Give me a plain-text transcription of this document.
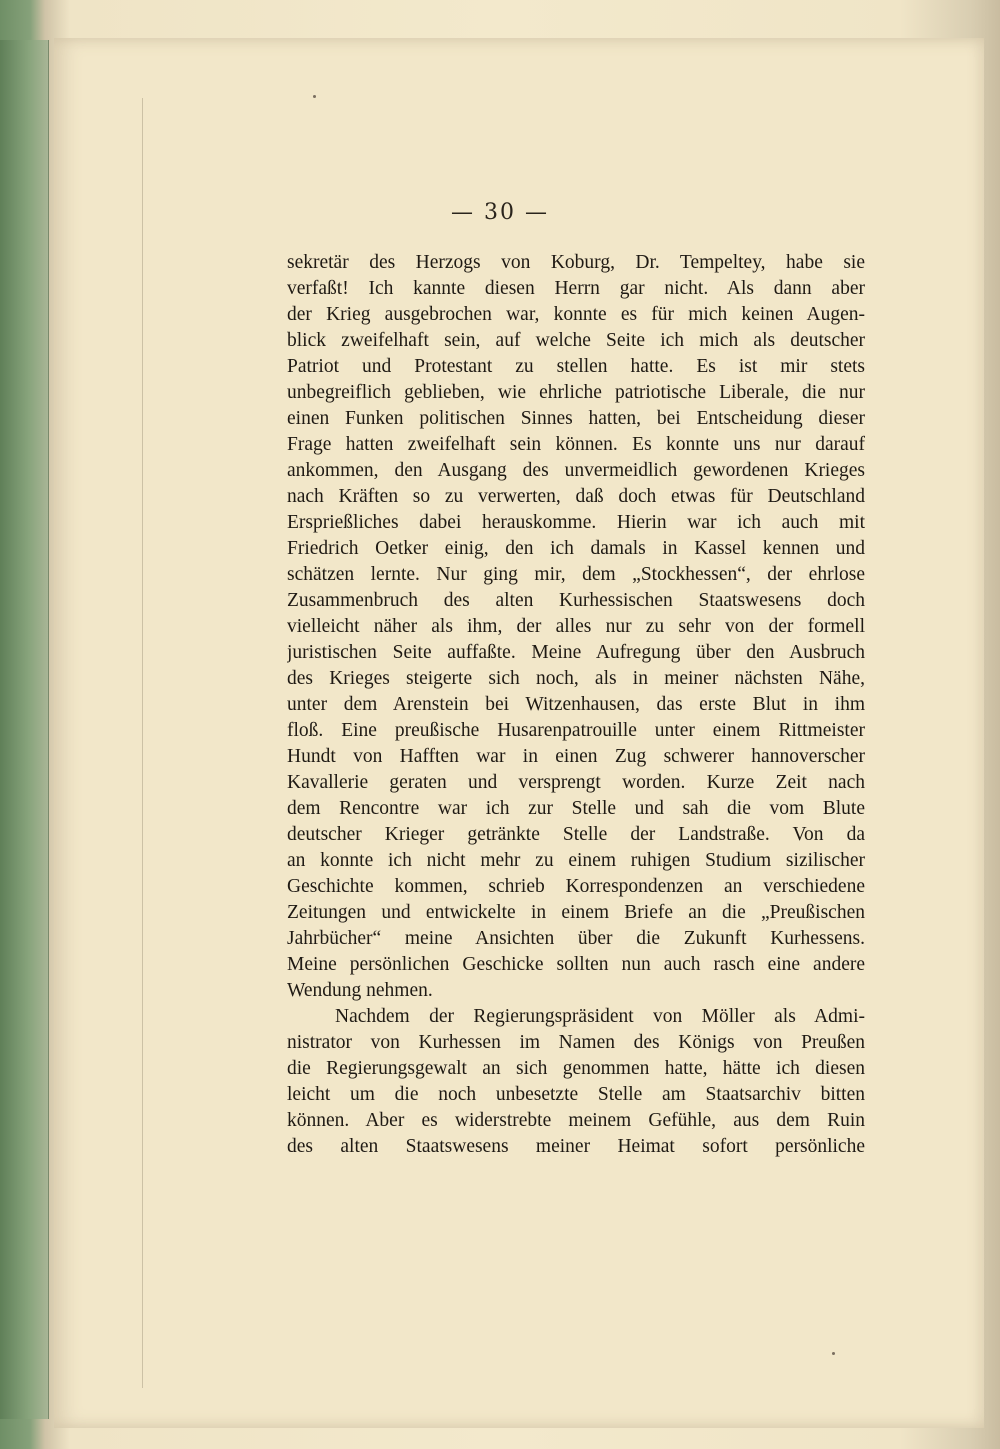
— 30 —
sekretär des Herzogs von Koburg, Dr. Tempeltey, habe sie
verfaßt! Ich kannte diesen Herrn gar nicht. Als dann aber
der Krieg ausgebrochen war, konnte es für mich keinen Augen-
blick zweifelhaft sein, auf welche Seite ich mich als deutscher
Patriot und Protestant zu stellen hatte. Es ist mir stets
unbegreiflich geblieben, wie ehrliche patriotische Liberale, die nur
einen Funken politischen Sinnes hatten, bei Entscheidung dieser
Frage hatten zweifelhaft sein können. Es konnte uns nur darauf
ankommen, den Ausgang des unvermeidlich gewordenen Krieges
nach Kräften so zu verwerten, daß doch etwas für Deutschland
Ersprießliches dabei herauskomme. Hierin war ich auch mit
Friedrich Oetker einig, den ich damals in Kassel kennen und
schätzen lernte. Nur ging mir, dem „Stockhessen“, der ehrlose
Zusammenbruch des alten Kurhessischen Staatswesens doch
vielleicht näher als ihm, der alles nur zu sehr von der formell
juristischen Seite auffaßte. Meine Aufregung über den Ausbruch
des Krieges steigerte sich noch, als in meiner nächsten Nähe,
unter dem Arenstein bei Witzenhausen, das erste Blut in ihm
floß. Eine preußische Husarenpatrouille unter einem Rittmeister
Hundt von Hafften war in einen Zug schwerer hannoverscher
Kavallerie geraten und versprengt worden. Kurze Zeit nach
dem Rencontre war ich zur Stelle und sah die vom Blute
deutscher Krieger getränkte Stelle der Landstraße. Von da
an konnte ich nicht mehr zu einem ruhigen Studium sizilischer
Geschichte kommen, schrieb Korrespondenzen an verschiedene
Zeitungen und entwickelte in einem Briefe an die „Preußischen
Jahrbücher“ meine Ansichten über die Zukunft Kurhessens.
Meine persönlichen Geschicke sollten nun auch rasch eine andere
Wendung nehmen.
Nachdem der Regierungspräsident von Möller als Admi-
nistrator von Kurhessen im Namen des Königs von Preußen
die Regierungsgewalt an sich genommen hatte, hätte ich diesen
leicht um die noch unbesetzte Stelle am Staatsarchiv bitten
können. Aber es widerstrebte meinem Gefühle, aus dem Ruin
des alten Staatswesens meiner Heimat sofort persönliche
